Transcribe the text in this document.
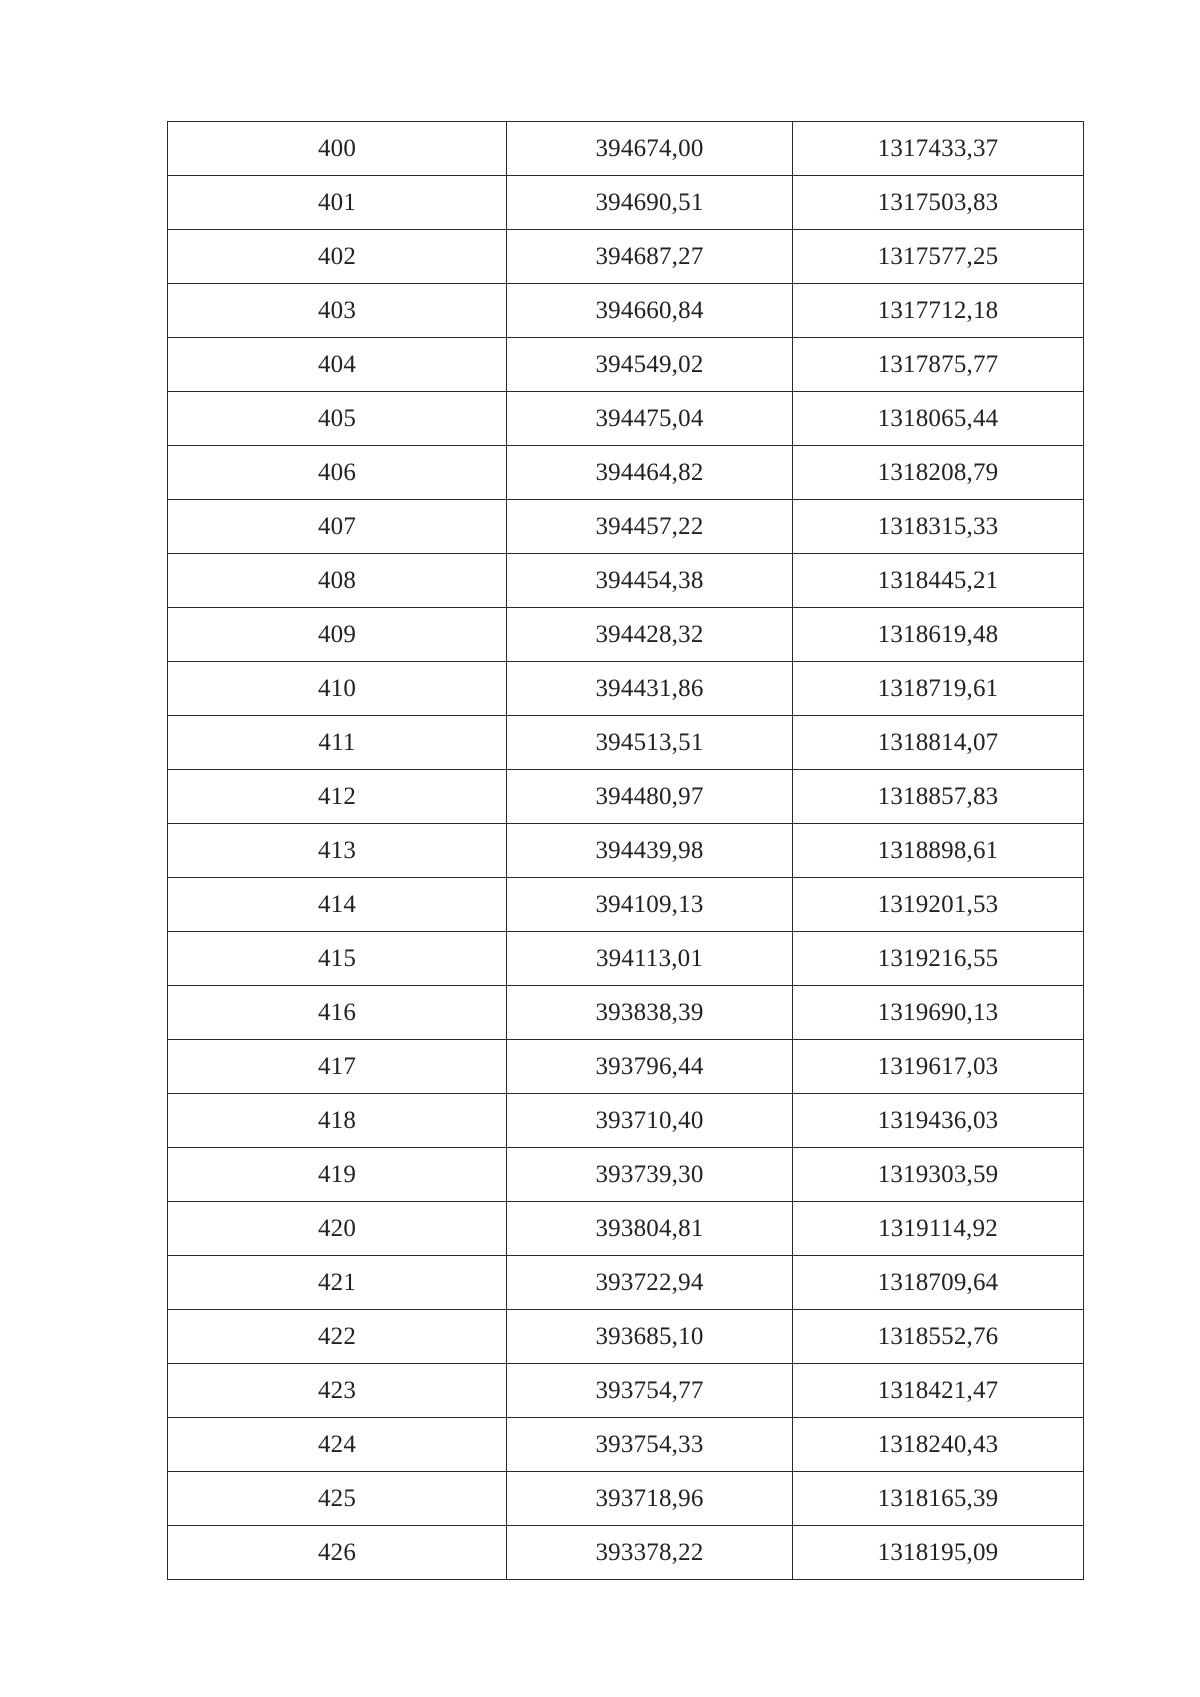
400	394674,00	1317433,37
401	394690,51	1317503,83
402	394687,27	1317577,25
403	394660,84	1317712,18
404	394549,02	1317875,77
405	394475,04	1318065,44
406	394464,82	1318208,79
407	394457,22	1318315,33
408	394454,38	1318445,21
409	394428,32	1318619,48
410	394431,86	1318719,61
411	394513,51	1318814,07
412	394480,97	1318857,83
413	394439,98	1318898,61
414	394109,13	1319201,53
415	394113,01	1319216,55
416	393838,39	1319690,13
417	393796,44	1319617,03
418	393710,40	1319436,03
419	393739,30	1319303,59
420	393804,81	1319114,92
421	393722,94	1318709,64
422	393685,10	1318552,76
423	393754,77	1318421,47
424	393754,33	1318240,43
425	393718,96	1318165,39
426	393378,22	1318195,09
